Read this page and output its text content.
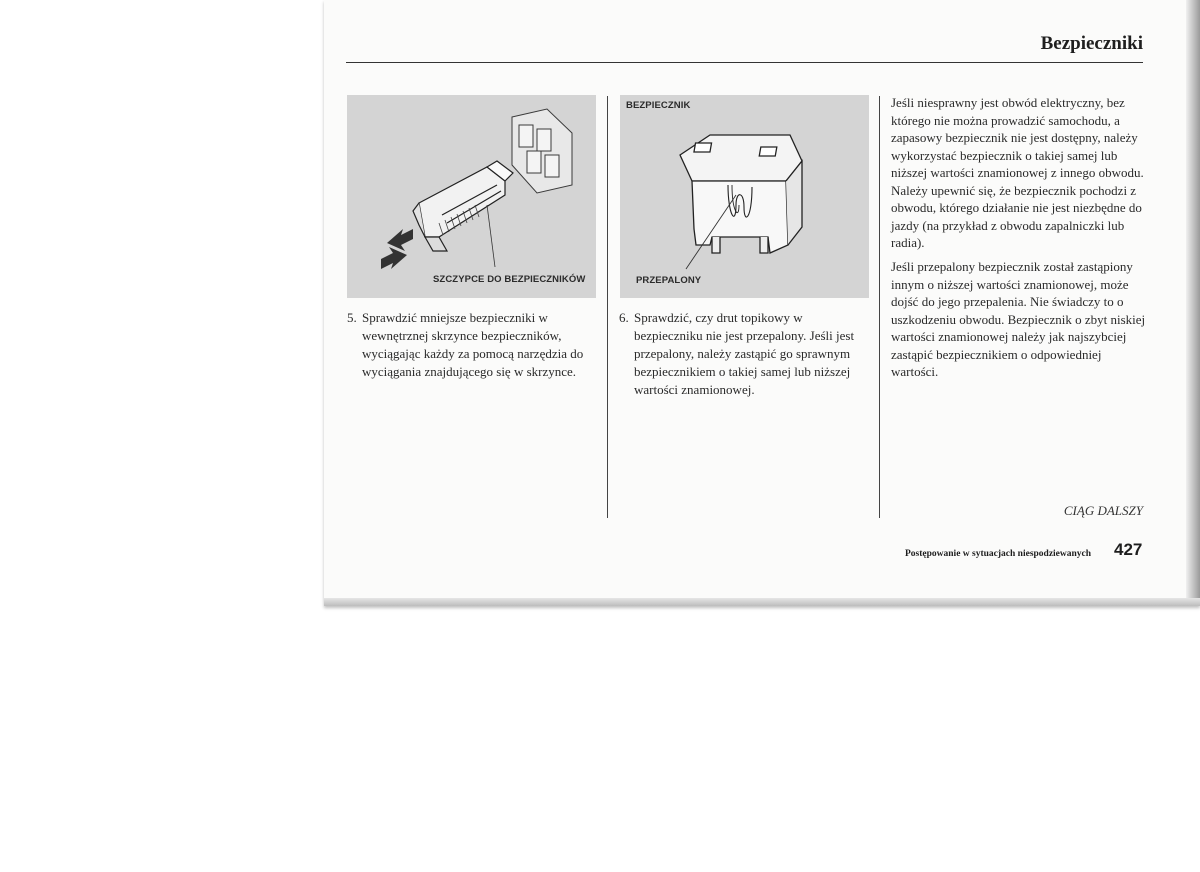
Bezpieczniki
SZCZYPCE DO BEZPIECZNIKÓW
BEZPIECZNIK
PRZEPALONY
5. Sprawdzić mniejsze bezpieczniki w wewnętrznej skrzynce bezpieczników, wyciągając każdy za pomocą narzędzia do wyciągania znajdującego się w skrzynce.
6. Sprawdzić, czy drut topikowy w bezpieczniku nie jest przepalony. Jeśli jest przepalony, należy zastąpić go sprawnym bezpiecznikiem o takiej samej lub niższej wartości znamionowej.
Jeśli niesprawny jest obwód elektryczny, bez którego nie można prowadzić samochodu, a zapasowy bezpiecznik nie jest dostępny, należy wykorzystać bezpiecznik o takiej samej lub niższej wartości znamionowej z innego obwodu. Należy upewnić się, że bezpiecznik pochodzi z obwodu, którego działanie nie jest niezbędne do jazdy (na przykład z obwodu zapalniczki lub radia).
Jeśli przepalony bezpiecznik został zastąpiony innym o niższej wartości znamionowej, może dojść do jego przepalenia. Nie świadczy to o uszkodzeniu obwodu. Bezpiecznik o zbyt niskiej wartości znamionowej należy jak najszybciej zastąpić bezpiecznikiem o odpowiedniej wartości.
CIĄG DALSZY
Postępowanie w sytuacjach niespodziewanych 427
